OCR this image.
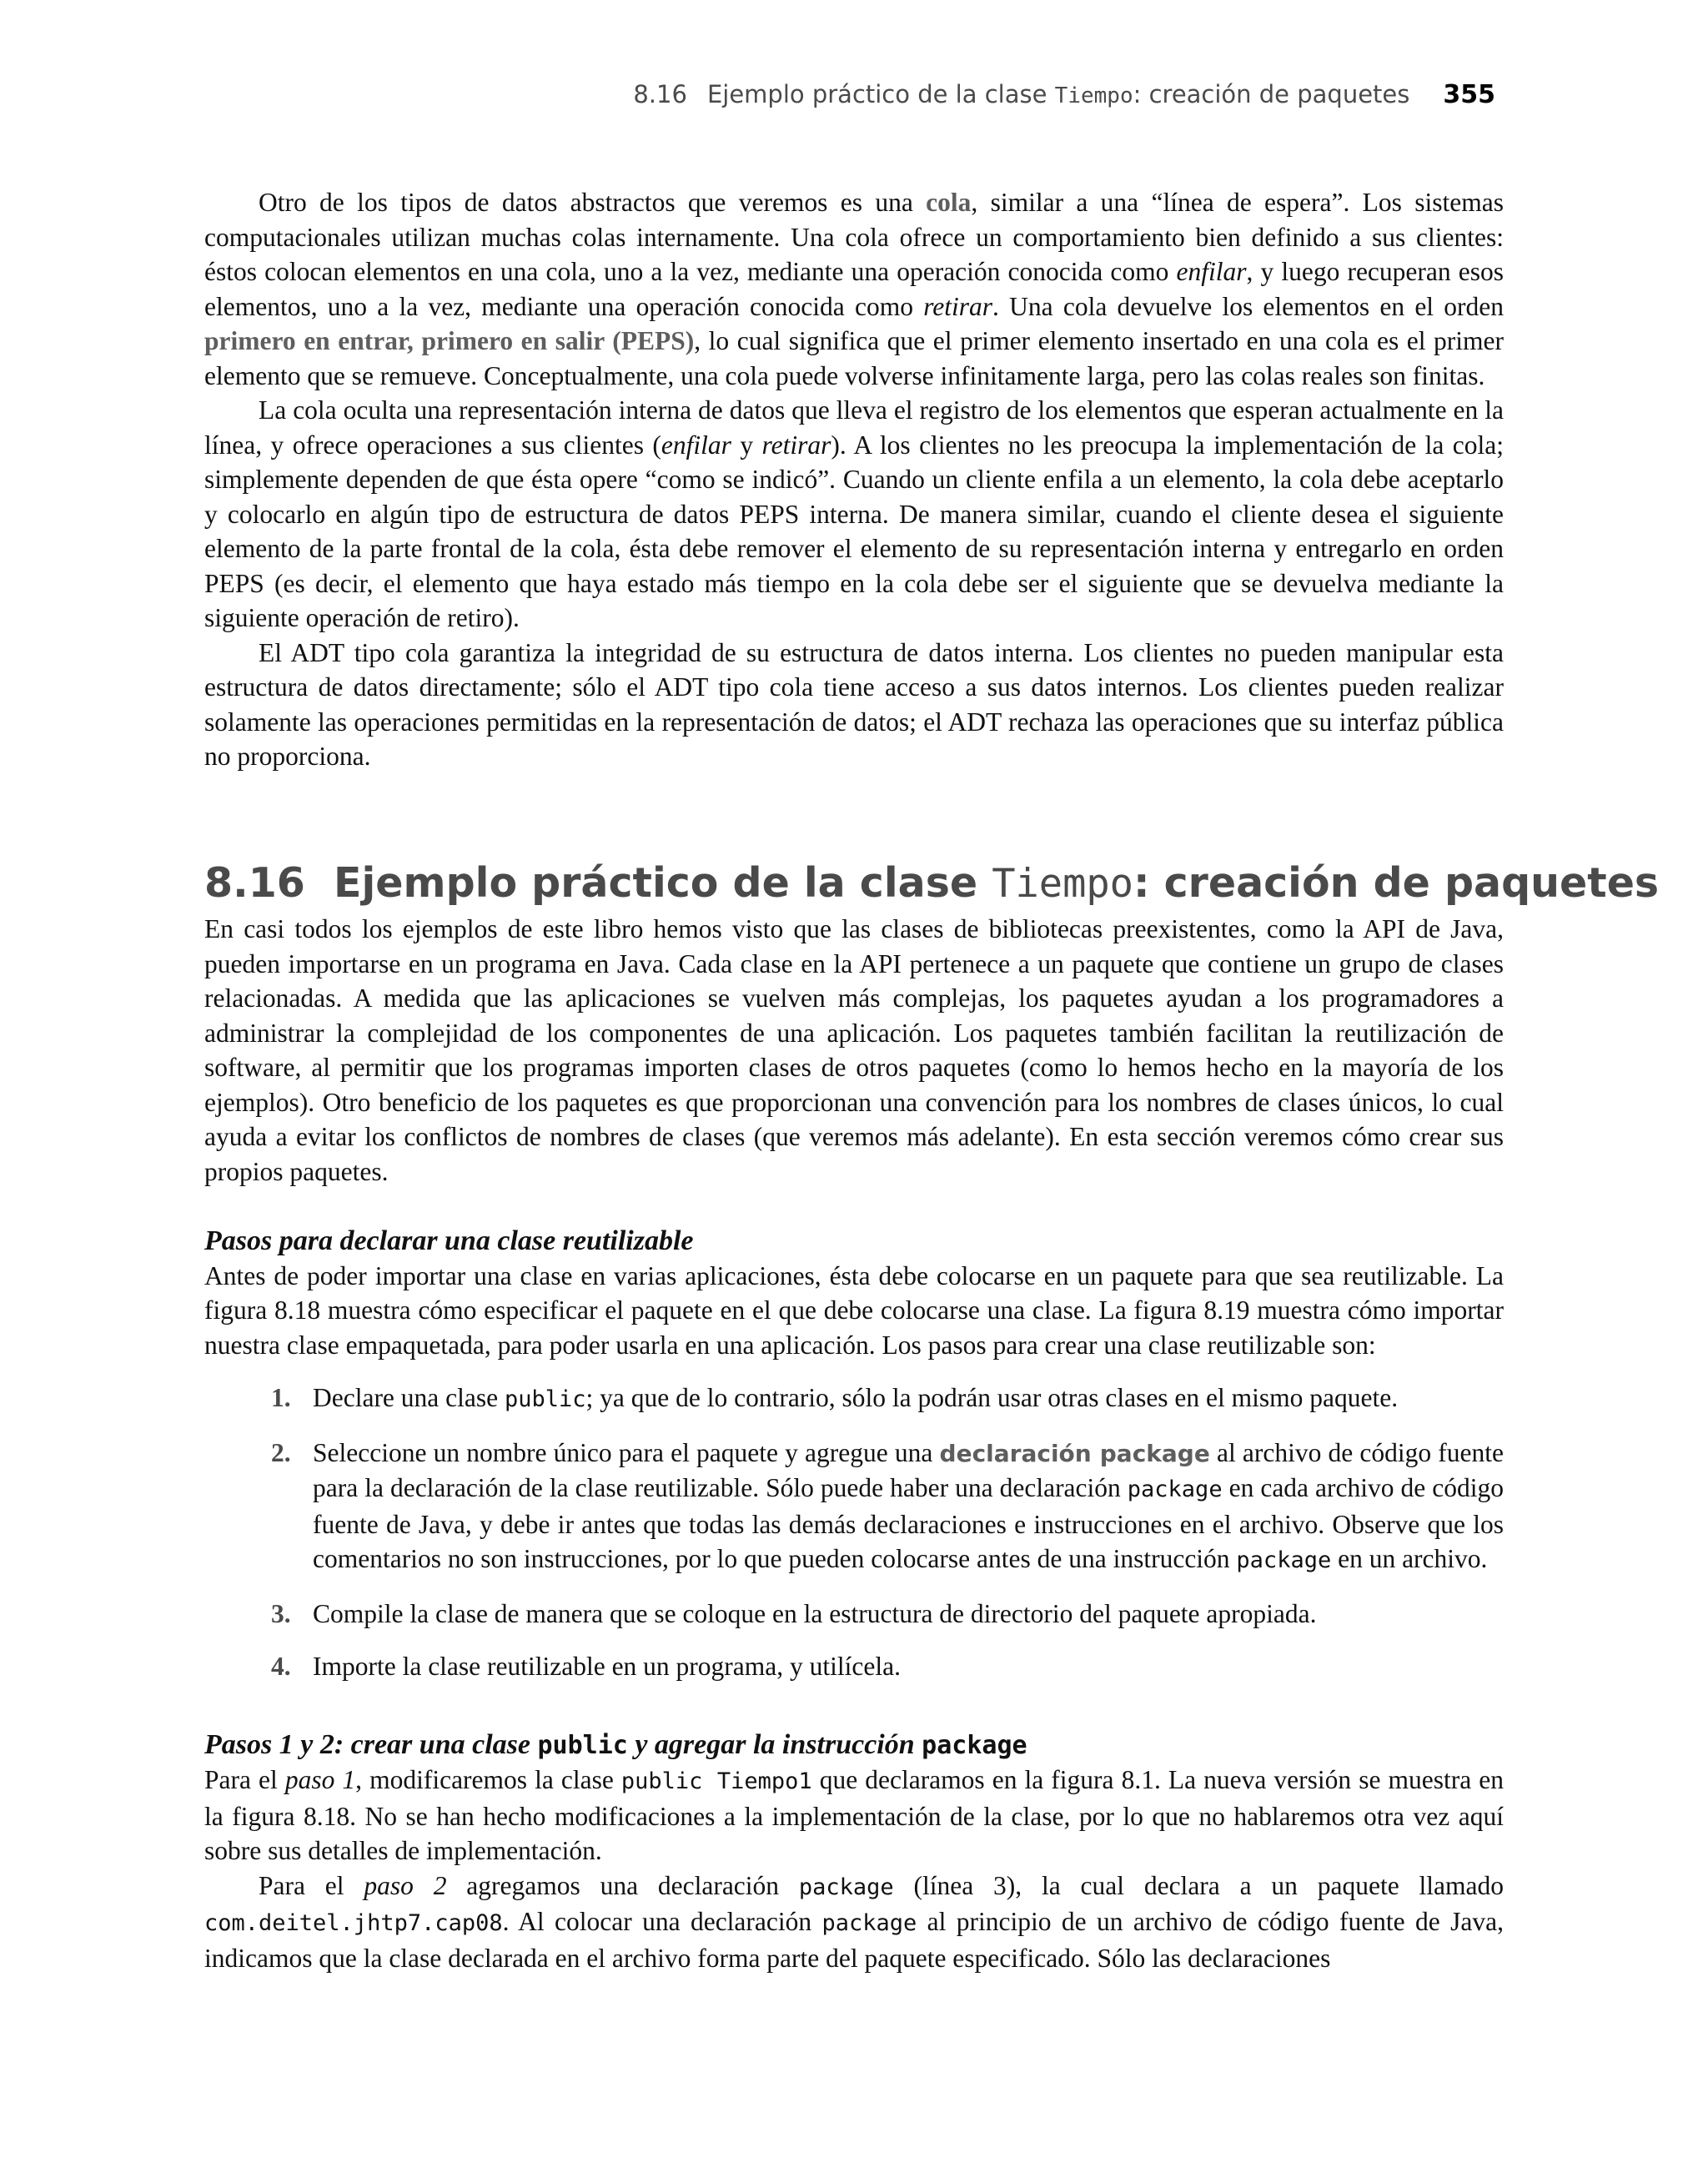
8.16 Ejemplo práctico de la clase Tiempo: creación de paquetes 355

Otro de los tipos de datos abstractos que veremos es una cola, similar a una “línea de espera”. Los sistemas computacionales utilizan muchas colas internamente. Una cola ofrece un comportamiento bien definido a sus clientes: éstos colocan elementos en una cola, uno a la vez, mediante una operación conocida como enfilar, y luego recuperan esos elementos, uno a la vez, mediante una operación conocida como retirar. Una cola devuelve los elementos en el orden primero en entrar, primero en salir (PEPS), lo cual significa que el primer elemento insertado en una cola es el primer elemento que se remueve. Conceptualmente, una cola puede volverse infinitamente larga, pero las colas reales son finitas.

La cola oculta una representación interna de datos que lleva el registro de los elementos que esperan actualmente en la línea, y ofrece operaciones a sus clientes (enfilar y retirar). A los clientes no les preocupa la implementación de la cola; simplemente dependen de que ésta opere “como se indicó”. Cuando un cliente enfila a un elemento, la cola debe aceptarlo y colocarlo en algún tipo de estructura de datos PEPS interna. De manera similar, cuando el cliente desea el siguiente elemento de la parte frontal de la cola, ésta debe remover el elemento de su representación interna y entregarlo en orden PEPS (es decir, el elemento que haya estado más tiempo en la cola debe ser el siguiente que se devuelva mediante la siguiente operación de retiro).

El ADT tipo cola garantiza la integridad de su estructura de datos interna. Los clientes no pueden manipular esta estructura de datos directamente; sólo el ADT tipo cola tiene acceso a sus datos internos. Los clientes pueden realizar solamente las operaciones permitidas en la representación de datos; el ADT rechaza las operaciones que su interfaz pública no proporciona.

8.16 Ejemplo práctico de la clase Tiempo: creación de paquetes

En casi todos los ejemplos de este libro hemos visto que las clases de bibliotecas preexistentes, como la API de Java, pueden importarse en un programa en Java. Cada clase en la API pertenece a un paquete que contiene un grupo de clases relacionadas. A medida que las aplicaciones se vuelven más complejas, los paquetes ayudan a los programadores a administrar la complejidad de los componentes de una aplicación. Los paquetes también facilitan la reutilización de software, al permitir que los programas importen clases de otros paquetes (como lo hemos hecho en la mayoría de los ejemplos). Otro beneficio de los paquetes es que proporcionan una convención para los nombres de clases únicos, lo cual ayuda a evitar los conflictos de nombres de clases (que veremos más adelante). En esta sección veremos cómo crear sus propios paquetes.

Pasos para declarar una clase reutilizable

Antes de poder importar una clase en varias aplicaciones, ésta debe colocarse en un paquete para que sea reutilizable. La figura 8.18 muestra cómo especificar el paquete en el que debe colocarse una clase. La figura 8.19 muestra cómo importar nuestra clase empaquetada, para poder usarla en una aplicación. Los pasos para crear una clase reutilizable son:

1. Declare una clase public; ya que de lo contrario, sólo la podrán usar otras clases en el mismo paquete.
2. Seleccione un nombre único para el paquete y agregue una declaración package al archivo de código fuente para la declaración de la clase reutilizable. Sólo puede haber una declaración package en cada archivo de código fuente de Java, y debe ir antes que todas las demás declaraciones e instrucciones en el archivo. Observe que los comentarios no son instrucciones, por lo que pueden colocarse antes de una instrucción package en un archivo.
3. Compile la clase de manera que se coloque en la estructura de directorio del paquete apropiada.
4. Importe la clase reutilizable en un programa, y utilícela.
Pasos 1 y 2: crear una clase public y agregar la instrucción package

Para el paso 1, modificaremos la clase public Tiempo1 que declaramos en la figura 8.1. La nueva versión se muestra en la figura 8.18. No se han hecho modificaciones a la implementación de la clase, por lo que no hablaremos otra vez aquí sobre sus detalles de implementación.

Para el paso 2 agregamos una declaración package (línea 3), la cual declara a un paquete llamado com.deitel.jhtp7.cap08. Al colocar una declaración package al principio de un archivo de código fuente de Java, indicamos que la clase declarada en el archivo forma parte del paquete especificado. Sólo las declaraciones
